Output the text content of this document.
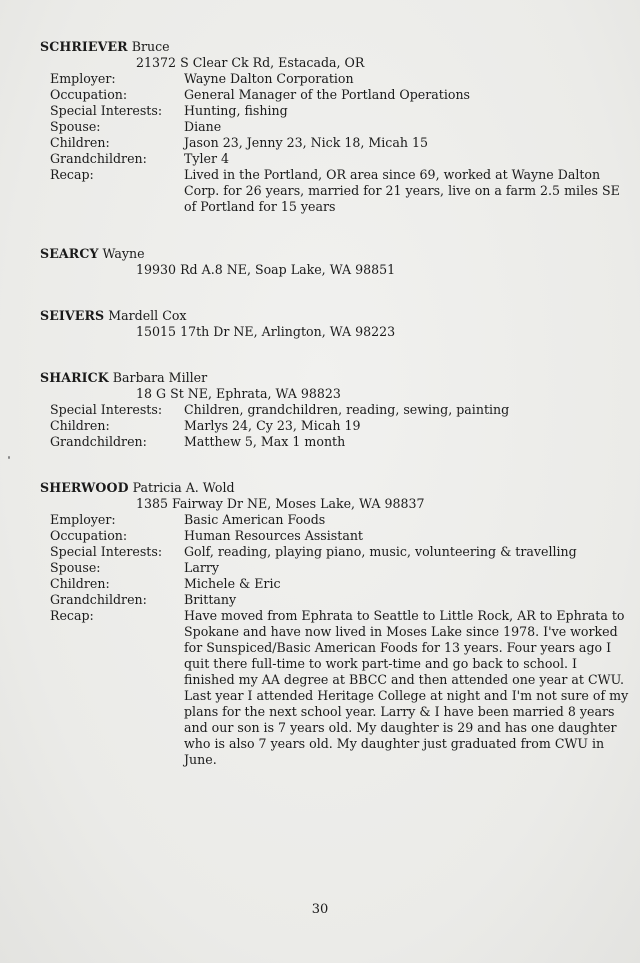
SCHRIEVER Bruce
21372 S Clear Ck Rd, Estacada, OR
Employer:	Wayne Dalton Corporation
Occupation:	General Manager of the Portland Operations
Special Interests:	Hunting, fishing
Spouse:	Diane
Children:	Jason 23, Jenny 23, Nick 18, Micah 15
Grandchildren:	Tyler 4
Recap:	Lived in the Portland, OR area since 69, worked at Wayne Dalton Corp. for 26 years, married for 21 years, live on a farm 2.5 miles SE of Portland for 15 years
SEARCY Wayne
19930 Rd A.8 NE, Soap Lake, WA 98851
SEIVERS Mardell Cox
15015 17th Dr NE, Arlington, WA 98223
SHARICK Barbara Miller
18 G St NE, Ephrata, WA 98823
Special Interests:	Children, grandchildren, reading, sewing, painting
Children:	Marlys 24, Cy 23, Micah 19
Grandchildren:	Matthew 5, Max 1 month
SHERWOOD Patricia A. Wold
1385 Fairway Dr NE, Moses Lake, WA 98837
Employer:	Basic American Foods
Occupation:	Human Resources Assistant
Special Interests:	Golf, reading, playing piano, music, volunteering & travelling
Spouse:	Larry
Children:	Michele & Eric
Grandchildren:	Brittany
Recap:	Have moved from Ephrata to Seattle to Little Rock, AR to Ephrata to Spokane and have now lived in Moses Lake since 1978. I've worked for Sunspiced/Basic American Foods for 13 years. Four years ago I quit there full-time to work part-time and go back to school. I finished my AA degree at BBCC and then attended one year at CWU. Last year I attended Heritage College at night and I'm not sure of my plans for the next school year. Larry & I have been married 8 years and our son is 7 years old. My daughter is 29 and has one daughter who is also 7 years old. My daughter just graduated from CWU in June.
30
